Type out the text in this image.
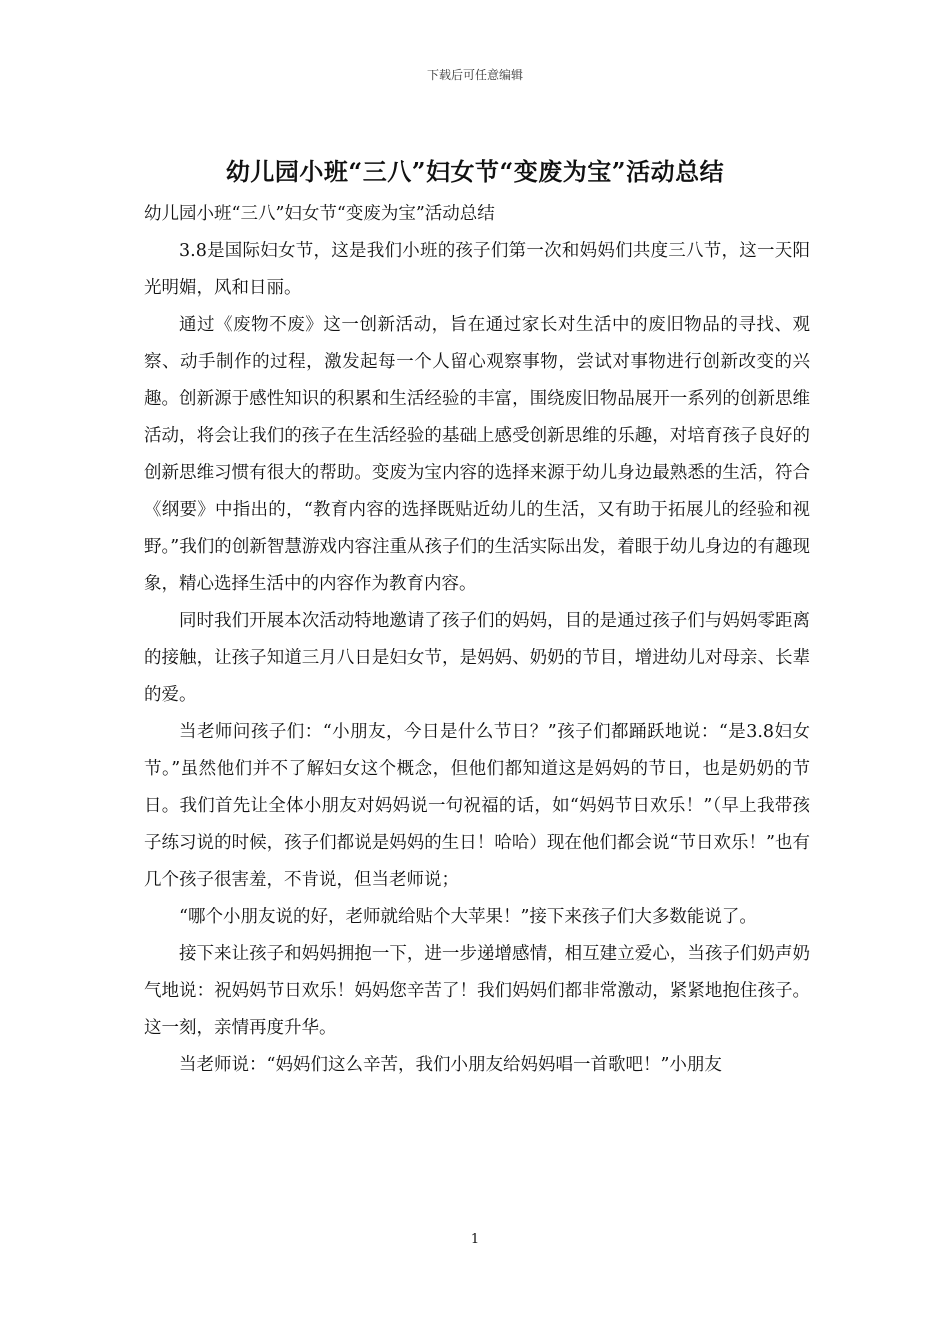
下载后可任意编辑
幼儿园小班“三八”妇女节“变废为宝”活动总结

幼儿园小班“三八”妇女节“变废为宝”活动总结

3.8是国际妇女节，这是我们小班的孩子们第一次和妈妈们共度三八节，这一天阳光明媚，风和日丽。

通过《废物不废》这一创新活动，旨在通过家长对生活中的废旧物品的寻找、观察、动手制作的过程，激发起每一个人留心观察事物，尝试对事物进行创新改变的兴趣。创新源于感性知识的积累和生活经验的丰富，围绕废旧物品展开一系列的创新思维活动，将会让我们的孩子在生活经验的基础上感受创新思维的乐趣，对培育孩子良好的创新思维习惯有很大的帮助。变废为宝内容的选择来源于幼儿身边最熟悉的生活，符合《纲要》中指出的，“教育内容的选择既贴近幼儿的生活，又有助于拓展儿的经验和视野。”我们的创新智慧游戏内容注重从孩子们的生活实际出发，着眼于幼儿身边的有趣现象，精心选择生活中的内容作为教育内容。

同时我们开展本次活动特地邀请了孩子们的妈妈，目的是通过孩子们与妈妈零距离的接触，让孩子知道三月八日是妇女节，是妈妈、奶奶的节目，增进幼儿对母亲、长辈的爱。

当老师问孩子们：“小朋友，今日是什么节日？”孩子们都踊跃地说：“是3.8妇女节。”虽然他们并不了解妇女这个概念，但他们都知道这是妈妈的节日，也是奶奶的节日。我们首先让全体小朋友对妈妈说一句祝福的话，如“妈妈节日欢乐！”（早上我带孩子练习说的时候，孩子们都说是妈妈的生日！哈哈）现在他们都会说“节日欢乐！”也有几个孩子很害羞，不肯说，但当老师说；

“哪个小朋友说的好，老师就给贴个大苹果！”接下来孩子们大多数能说了。

接下来让孩子和妈妈拥抱一下，进一步递增感情，相互建立爱心，当孩子们奶声奶气地说：祝妈妈节日欢乐！妈妈您辛苦了！我们妈妈们都非常激动，紧紧地抱住孩子。这一刻，亲情再度升华。

当老师说：“妈妈们这么辛苦，我们小朋友给妈妈唱一首歌吧！”小朋友

1
